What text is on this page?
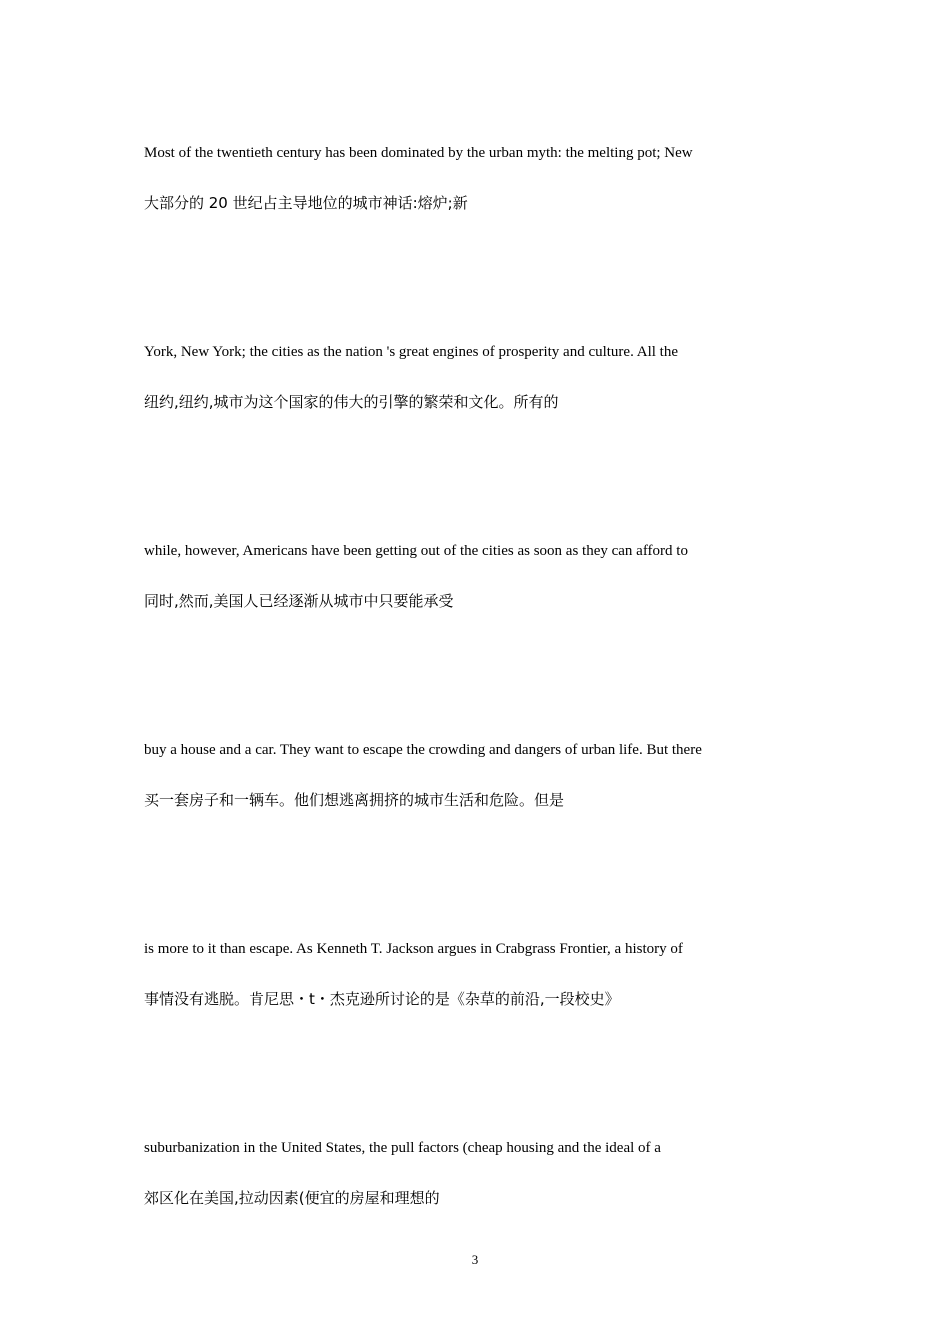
Most of the twentieth century has been dominated by the urban myth: the melting pot; New
大部分的 20 世纪占主导地位的城市神话:熔炉;新
York, New York; the cities as the nation 's great engines of prosperity and culture. All the
纽约,纽约,城市为这个国家的伟大的引擎的繁荣和文化。所有的
while, however, Americans have been getting out of the cities as soon as they can afford to
同时,然而,美国人已经逐渐从城市中只要能承受
buy a house and a car. They want to escape the crowding and dangers of urban life. But there
买一套房子和一辆车。他们想逃离拥挤的城市生活和危险。但是
is more to it than escape. As Kenneth T. Jackson argues in Crabgrass Frontier, a history of
事情没有逃脱。肯尼思・t・杰克逊所讨论的是《杂草的前沿,一段校史》
suburbanization in the United States, the pull factors (cheap housing and the ideal of a
郊区化在美国,拉动因素(便宜的房屋和理想的
3
